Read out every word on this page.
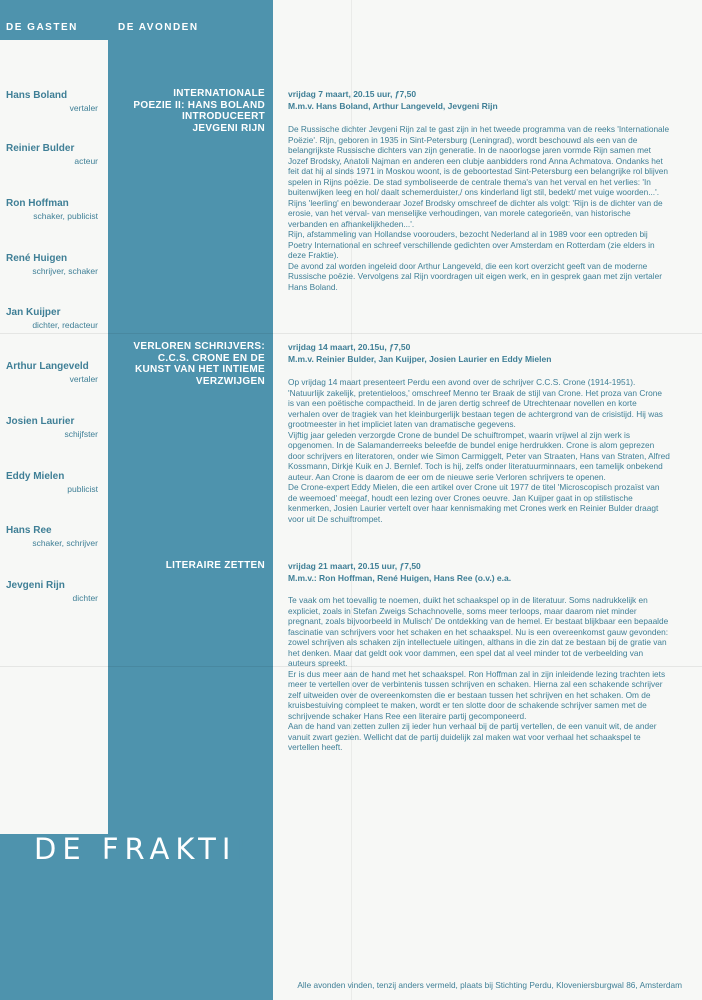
DE GASTEN	DE AVONDEN
Hans Boland
vertaler
Reinier Bulder
acteur
Ron Hoffman
schaker, publicist
René Huigen
schrijver, schaker
Jan Kuijper
dichter, redacteur
Arthur Langeveld
vertaler
Josien Laurier
schijfster
Eddy Mielen
publicist
Hans Ree
schaker, schrijver
Jevgeni Rijn
dichter
INTERNATIONALE
POEZIE II: HANS BOLAND
INTRODUCEERT
JEVGENI RIJN
vrijdag 7 maart, 20.15 uur, ƒ7,50
M.m.v. Hans Boland, Arthur Langeveld, Jevgeni Rijn

De Russische dichter Jevgeni Rijn zal te gast zijn in het tweede programma van de reeks 'Internationale Poëzie'. Rijn, geboren in 1935 in Sint-Petersburg (Leningrad), wordt beschouwd als een van de belangrijkste Russische dichters van zijn generatie. In de naoorlogse jaren vormde Rijn samen met Jozef Brodsky, Anatoli Najman en anderen een clubje aanbidders rond Anna Achmatova. Ondanks het feit dat hij al sinds 1971 in Moskou woont, is de geboortestad Sint-Petersburg een belangrijke rol blijven spelen in Rijns poëzie. De stad symboliseerde de centrale thema's van het verval en het verlies: 'In buitenwijken leeg en hol/ daalt schemerduister,/ ons kinderland ligt stil, bedekt/ met vuige woorden...'.

Rijns 'leerling' en bewonderaar Jozef Brodsky omschreef de dichter als volgt: 'Rijn is de dichter van de erosie, van het verval- van menselijke verhoudingen, van morele categorieën, van historische verbanden en afhankelijkheden...'.

Rijn, afstammeling van Hollandse voorouders, bezocht Nederland al in 1989 voor een optreden bij Poetry International en schreef verschillende gedichten over Amsterdam en Rotterdam (zie elders in deze Fraktie).

De avond zal worden ingeleid door Arthur Langeveld, die een kort overzicht geeft van de moderne Russische poëzie. Vervolgens zal Rijn voordragen uit eigen werk, en in gesprek gaan met zijn vertaler Hans Boland.

VERLOREN SCHRIJVERS:
C.C.S. CRONE EN DE
KUNST VAN HET INTIEME
VERZWIJGEN
vrijdag 14 maart, 20.15u, ƒ7,50
M.m.v. Reinier Bulder, Jan Kuijper, Josien Laurier en Eddy Mielen

Op vrijdag 14 maart presenteert Perdu een avond over de schrijver C.C.S. Crone (1914-1951). 'Natuurlijk zakelijk, pretentieloos,' omschreef Menno ter Braak de stijl van Crone. Het proza van Crone is van een poëtische compactheid. In de jaren dertig schreef de Utrechtenaar novellen en korte verhalen over de tragiek van het kleinburgerlijk bestaan tegen de achtergrond van de crisistijd. Hij was grootmeester in het impliciet laten van dramatische gegevens.

Vijftig jaar geleden verzorgde Crone de bundel De schuiftrompet, waarin vrijwel al zijn werk is opgenomen. In de Salamanderreeks beleefde de bundel enige herdrukken. Crone is alom geprezen door schrijvers en literatoren, onder wie Simon Carmiggelt, Peter van Straaten, Hans van Straten, Alfred Kossmann, Dirkje Kuik en J. Bernlef. Toch is hij, zelfs onder literatuurminnaars, een tamelijk onbekend auteur. Aan Crone is daarom de eer om de nieuwe serie Verloren schrijvers te openen.

De Crone-expert Eddy Mielen, die een artikel over Crone uit 1977 de titel 'Microscopisch prozaïst van de weemoed' meegaf, houdt een lezing over Crones oeuvre. Jan Kuijper gaat in op stilistische kenmerken, Josien Laurier vertelt over haar kennismaking met Crones werk en Reinier Bulder draagt voor uit De schuiftrompet.

LITERAIRE ZETTEN	vrijdag 21 maart, 20.15 uur, ƒ7,50
M.m.v.: Ron Hoffman, René Huigen, Hans Ree (o.v.) e.a.

Te vaak om het toevallig te noemen, duikt het schaakspel op in de literatuur. Soms nadrukkelijk en expliciet, zoals in Stefan Zweigs Schachnovelle, soms meer terloops, maar daarom niet minder pregnant, zoals bijvoorbeeld in Mulisch' De ontdekking van de hemel. Er bestaat blijkbaar een bepaalde fascinatie van schrijvers voor het schaken en het schaakspel. Nu is een overeenkomst gauw gevonden: zowel schrijven als schaken zijn intellectuele uitingen, althans in die zin dat ze bestaan bij de gratie van het denken. Maar dat geldt ook voor dammen, een spel dat al veel minder tot de verbeelding van auteurs spreekt.

Er is dus meer aan de hand met het schaakspel. Ron Hoffman zal in zijn inleidende lezing trachten iets meer te vertellen over de verbintenis tussen schrijven en schaken. Hierna zal een schakende schrijver zelf uitweiden over de overeenkomsten die er bestaan tussen het schrijven en het schaken. Om de kruisbestuiving compleet te maken, wordt er ten slotte door de schakende schrijver samen met de schrijvende schaker Hans Ree een literaire partij gecomponeerd.

Aan de hand van zetten zullen zij ieder hun verhaal bij de partij vertellen, de een vanuit wit, de ander vanuit zwart gezien. Wellicht dat de partij duidelijk zal maken wat voor verhaal het schaakspel te vertellen heeft.

DE FRAKTIE
Alle avonden vinden, tenzij anders vermeld, plaats bij Stichting Perdu, Kloveniersburgwal 86, Amsterdam
